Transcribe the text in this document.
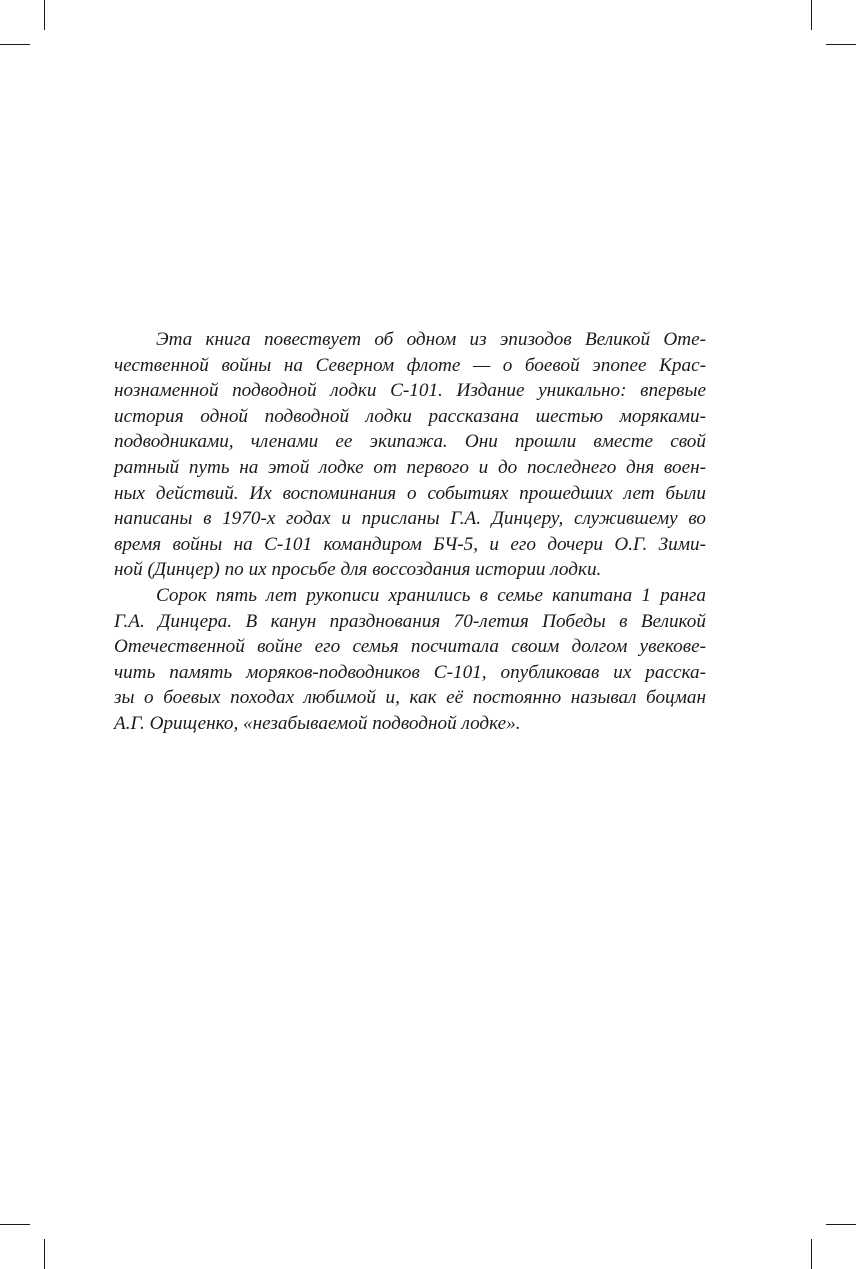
Эта книга повествует об одном из эпизодов Великой Оте-
чественной войны на Северном флоте — о боевой эпопее Крас-
нознаменной подводной лодки С-101. Издание уникально: впервые
история одной подводной лодки рассказана шестью моряками-
подводниками, членами ее экипажа. Они прошли вместе свой
ратный путь на этой лодке от первого и до последнего дня воен-
ных действий. Их воспоминания о событиях прошедших лет были
написаны в 1970-х годах и присланы Г.А. Динцеру, служившему во
время войны на С-101 командиром БЧ-5, и его дочери О.Г. Зими-
ной (Динцер) по их просьбе для воссоздания истории лодки.
Сорок пять лет рукописи хранились в семье капитана 1 ранга
Г.А. Динцера. В канун празднования 70-летия Победы в Великой
Отечественной войне его семья посчитала своим долгом увекове-
чить память моряков-подводников С-101, опубликовав их расска-
зы о боевых походах любимой и, как её постоянно называл боцман
А.Г. Орищенко, «незабываемой подводной лодке».
